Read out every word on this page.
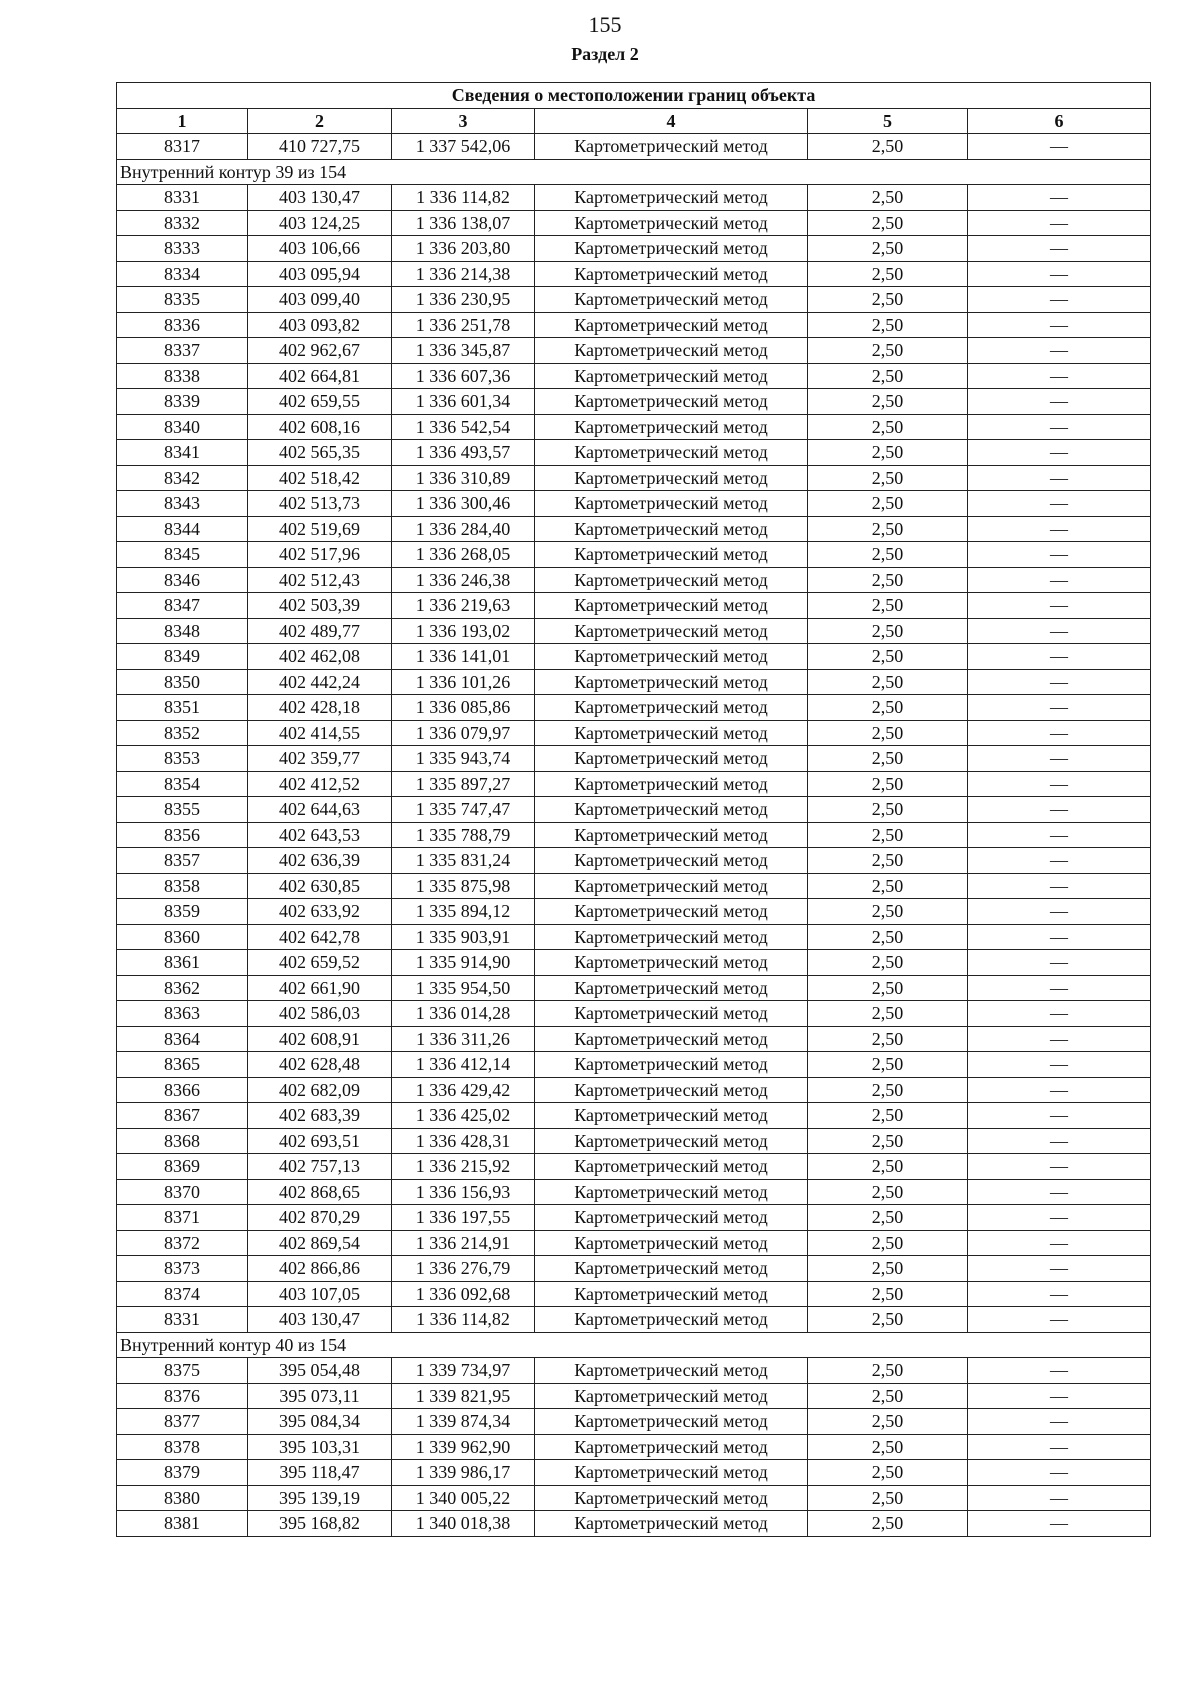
155
Раздел 2
Сведения о местоположении границ объекта					
1	2	3	4	5	6
8317	410 727,75	1 337 542,06	Картометрический метод	2,50	—
Внутренний контур 39 из 154					
8331	403 130,47	1 336 114,82	Картометрический метод	2,50	—
8332	403 124,25	1 336 138,07	Картометрический метод	2,50	—
8333	403 106,66	1 336 203,80	Картометрический метод	2,50	—
8334	403 095,94	1 336 214,38	Картометрический метод	2,50	—
8335	403 099,40	1 336 230,95	Картометрический метод	2,50	—
8336	403 093,82	1 336 251,78	Картометрический метод	2,50	—
8337	402 962,67	1 336 345,87	Картометрический метод	2,50	—
8338	402 664,81	1 336 607,36	Картометрический метод	2,50	—
8339	402 659,55	1 336 601,34	Картометрический метод	2,50	—
8340	402 608,16	1 336 542,54	Картометрический метод	2,50	—
8341	402 565,35	1 336 493,57	Картометрический метод	2,50	—
8342	402 518,42	1 336 310,89	Картометрический метод	2,50	—
8343	402 513,73	1 336 300,46	Картометрический метод	2,50	—
8344	402 519,69	1 336 284,40	Картометрический метод	2,50	—
8345	402 517,96	1 336 268,05	Картометрический метод	2,50	—
8346	402 512,43	1 336 246,38	Картометрический метод	2,50	—
8347	402 503,39	1 336 219,63	Картометрический метод	2,50	—
8348	402 489,77	1 336 193,02	Картометрический метод	2,50	—
8349	402 462,08	1 336 141,01	Картометрический метод	2,50	—
8350	402 442,24	1 336 101,26	Картометрический метод	2,50	—
8351	402 428,18	1 336 085,86	Картометрический метод	2,50	—
8352	402 414,55	1 336 079,97	Картометрический метод	2,50	—
8353	402 359,77	1 335 943,74	Картометрический метод	2,50	—
8354	402 412,52	1 335 897,27	Картометрический метод	2,50	—
8355	402 644,63	1 335 747,47	Картометрический метод	2,50	—
8356	402 643,53	1 335 788,79	Картометрический метод	2,50	—
8357	402 636,39	1 335 831,24	Картометрический метод	2,50	—
8358	402 630,85	1 335 875,98	Картометрический метод	2,50	—
8359	402 633,92	1 335 894,12	Картометрический метод	2,50	—
8360	402 642,78	1 335 903,91	Картометрический метод	2,50	—
8361	402 659,52	1 335 914,90	Картометрический метод	2,50	—
8362	402 661,90	1 335 954,50	Картометрический метод	2,50	—
8363	402 586,03	1 336 014,28	Картометрический метод	2,50	—
8364	402 608,91	1 336 311,26	Картометрический метод	2,50	—
8365	402 628,48	1 336 412,14	Картометрический метод	2,50	—
8366	402 682,09	1 336 429,42	Картометрический метод	2,50	—
8367	402 683,39	1 336 425,02	Картометрический метод	2,50	—
8368	402 693,51	1 336 428,31	Картометрический метод	2,50	—
8369	402 757,13	1 336 215,92	Картометрический метод	2,50	—
8370	402 868,65	1 336 156,93	Картометрический метод	2,50	—
8371	402 870,29	1 336 197,55	Картометрический метод	2,50	—
8372	402 869,54	1 336 214,91	Картометрический метод	2,50	—
8373	402 866,86	1 336 276,79	Картометрический метод	2,50	—
8374	403 107,05	1 336 092,68	Картометрический метод	2,50	—
8331	403 130,47	1 336 114,82	Картометрический метод	2,50	—
Внутренний контур 40 из 154					
8375	395 054,48	1 339 734,97	Картометрический метод	2,50	—
8376	395 073,11	1 339 821,95	Картометрический метод	2,50	—
8377	395 084,34	1 339 874,34	Картометрический метод	2,50	—
8378	395 103,31	1 339 962,90	Картометрический метод	2,50	—
8379	395 118,47	1 339 986,17	Картометрический метод	2,50	—
8380	395 139,19	1 340 005,22	Картометрический метод	2,50	—
8381	395 168,82	1 340 018,38	Картометрический метод	2,50	—
